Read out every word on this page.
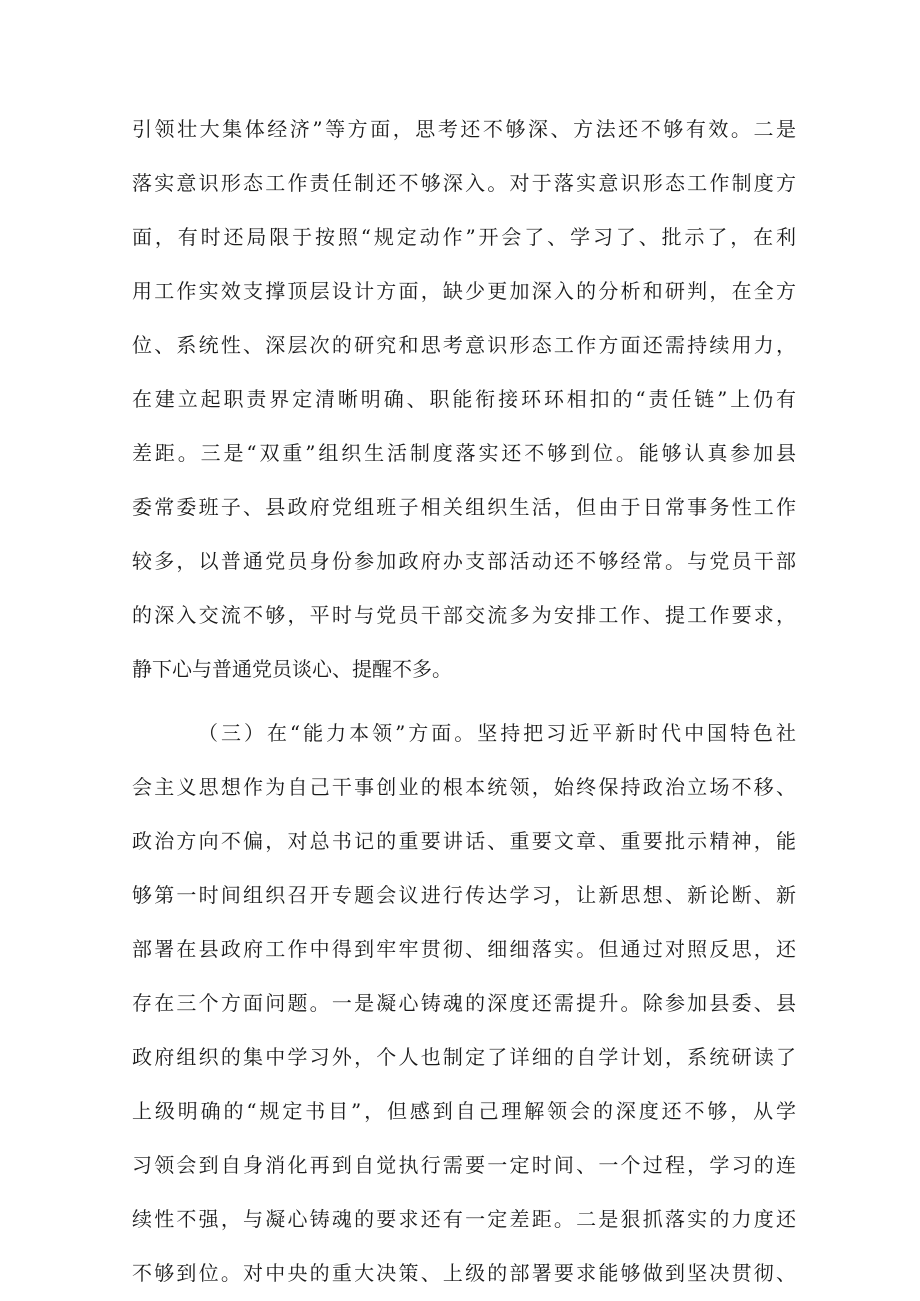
引领壮大集体经济”等方面，思考还不够深、方法还不够有效。二是
落实意识形态工作责任制还不够深入。对于落实意识形态工作制度方
面，有时还局限于按照“规定动作”开会了、学习了、批示了，在利
用工作实效支撑顶层设计方面，缺少更加深入的分析和研判，在全方
位、系统性、深层次的研究和思考意识形态工作方面还需持续用力，
在建立起职责界定清晰明确、职能衔接环环相扣的“责任链”上仍有
差距。三是“双重”组织生活制度落实还不够到位。能够认真参加县
委常委班子、县政府党组班子相关组织生活，但由于日常事务性工作
较多，以普通党员身份参加政府办支部活动还不够经常。与党员干部
的深入交流不够，平时与党员干部交流多为安排工作、提工作要求，
静下心与普通党员谈心、提醒不多。
（三）在“能力本领”方面。坚持把习近平新时代中国特色社
会主义思想作为自己干事创业的根本统领，始终保持政治立场不移、
政治方向不偏，对总书记的重要讲话、重要文章、重要批示精神，能
够第一时间组织召开专题会议进行传达学习，让新思想、新论断、新
部署在县政府工作中得到牢牢贯彻、细细落实。但通过对照反思，还
存在三个方面问题。一是凝心铸魂的深度还需提升。除参加县委、县
政府组织的集中学习外，个人也制定了详细的自学计划，系统研读了
上级明确的“规定书目”，但感到自己理解领会的深度还不够，从学
习领会到自身消化再到自觉执行需要一定时间、一个过程，学习的连
续性不强，与凝心铸魂的要求还有一定差距。二是狠抓落实的力度还
不够到位。对中央的重大决策、上级的部署要求能够做到坚决贯彻、
